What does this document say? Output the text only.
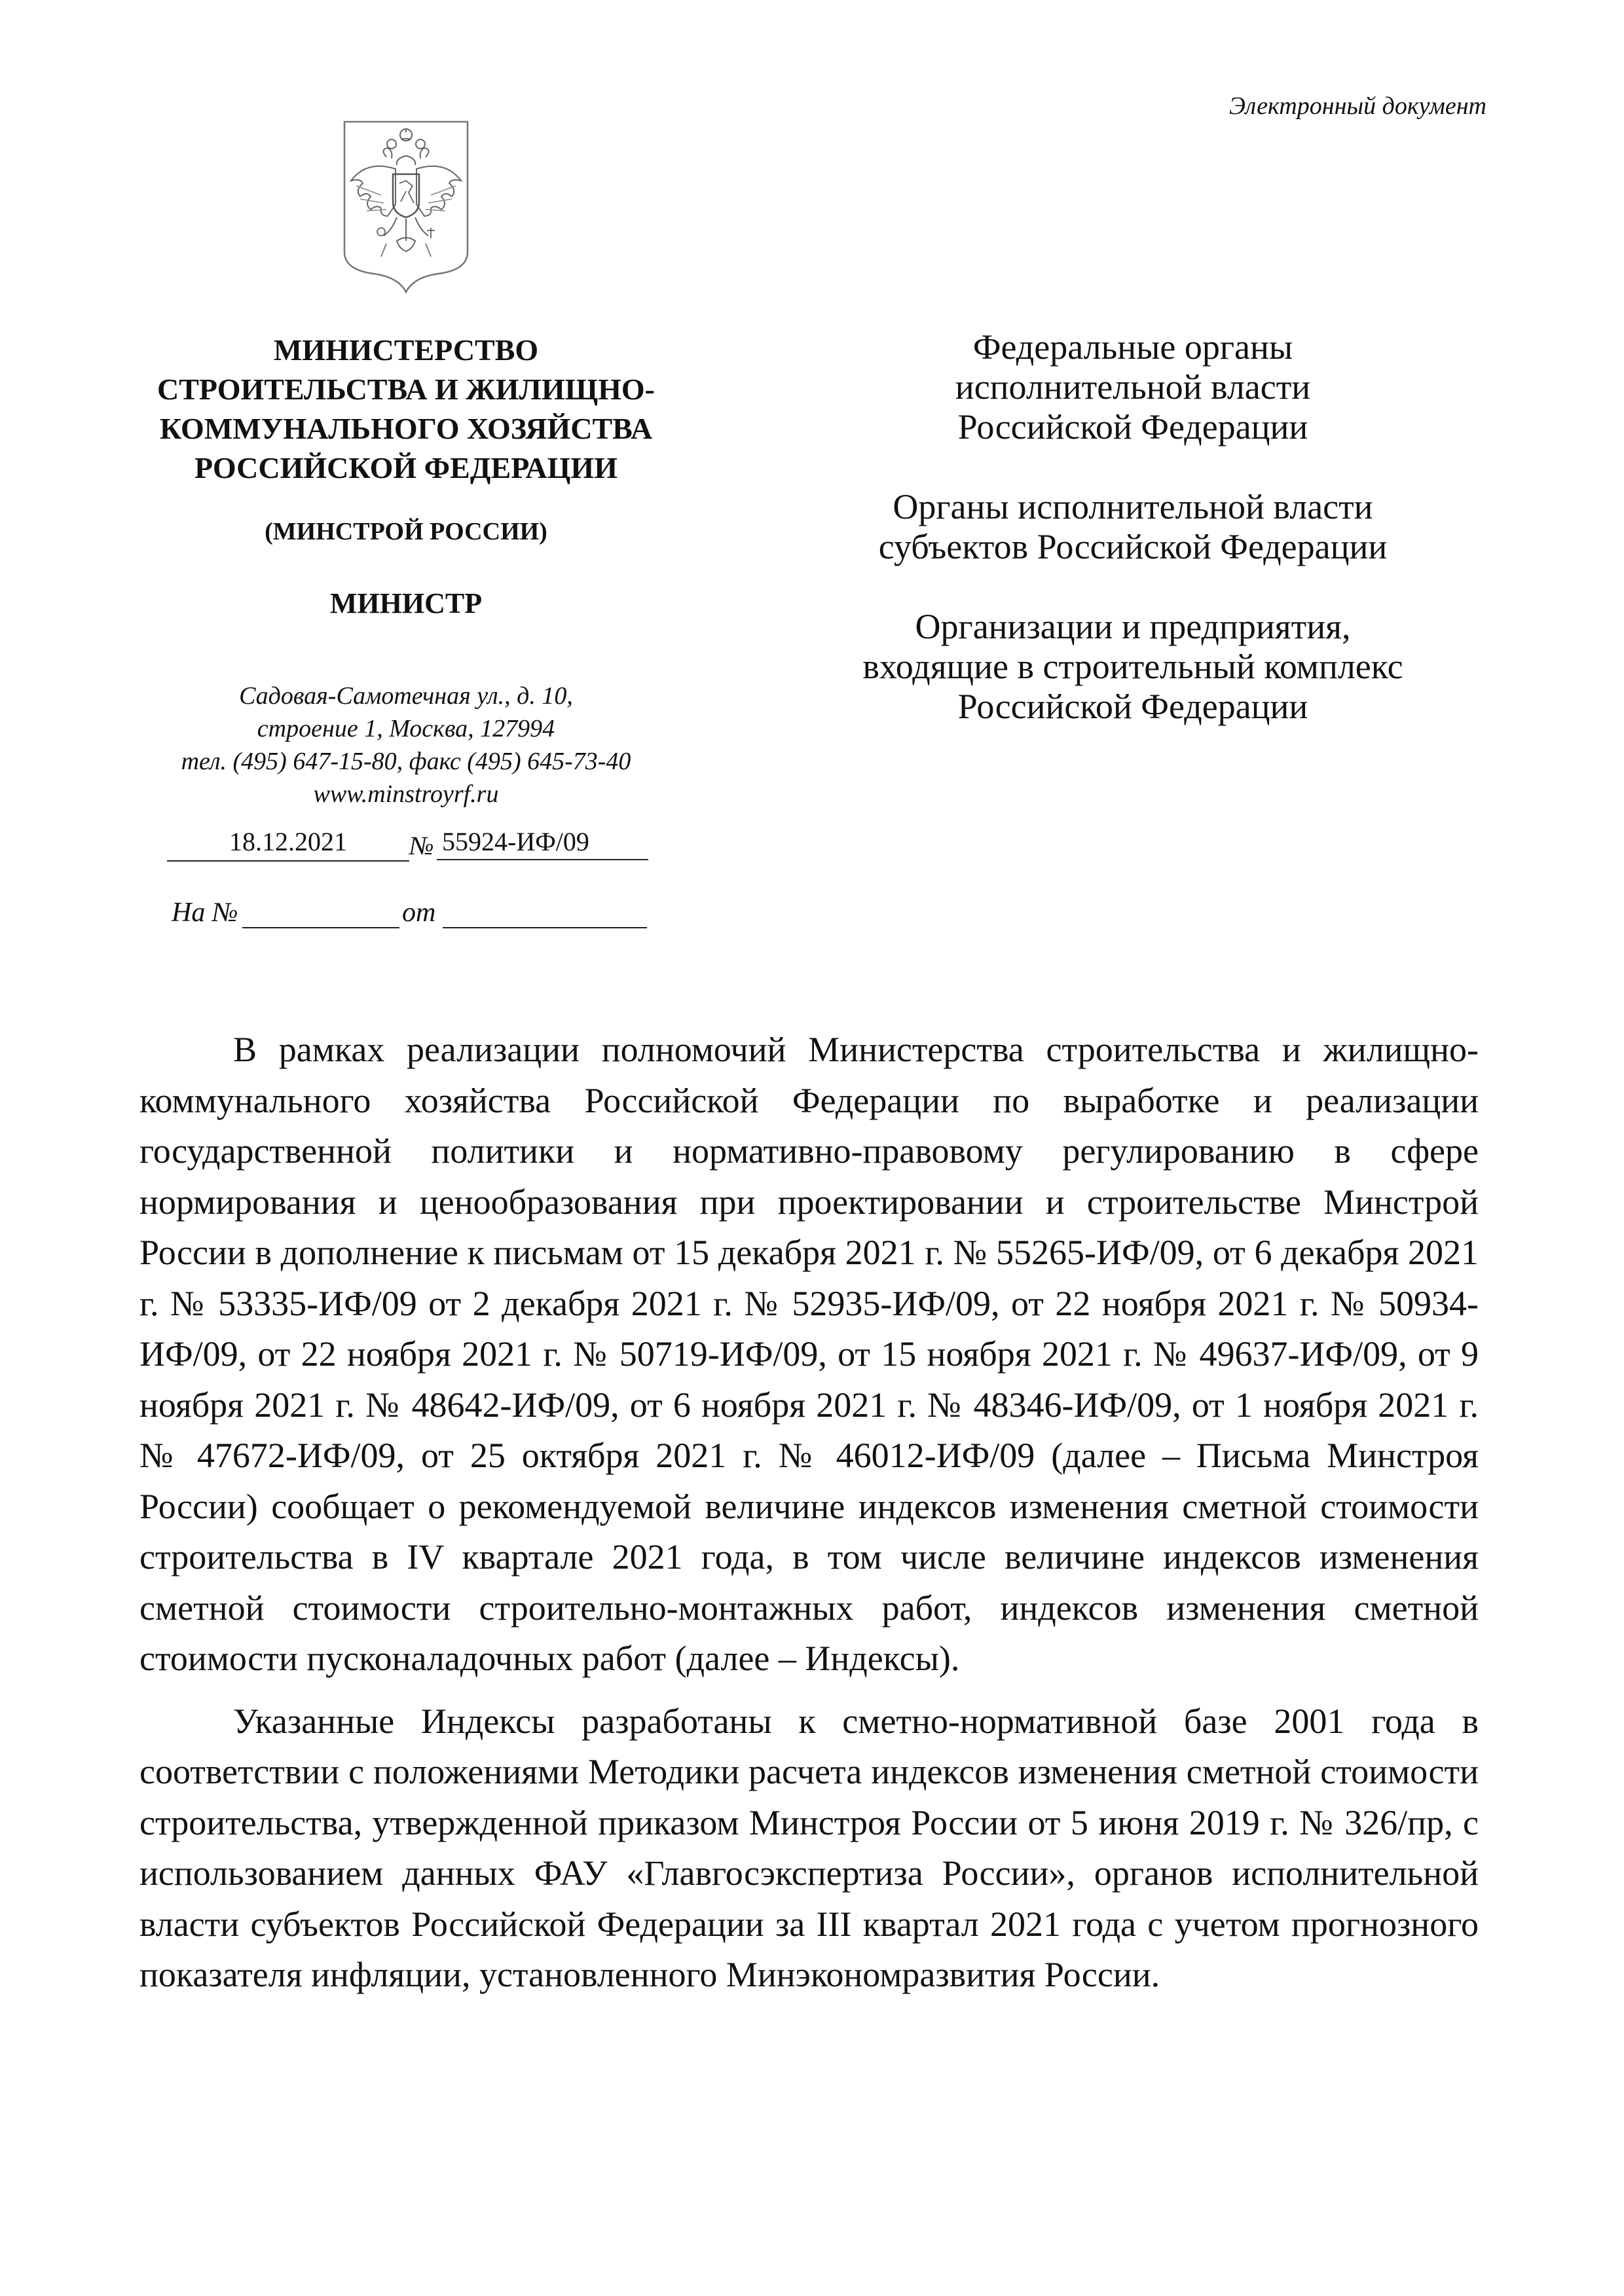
Электронный документ
МИНИСТЕРСТВО
СТРОИТЕЛЬСТВА И ЖИЛИЩНО-
КОММУНАЛЬНОГО ХОЗЯЙСТВА
РОССИЙСКОЙ ФЕДЕРАЦИИ
(МИНСТРОЙ РОССИИ)
МИНИСТР
Садовая-Самотечная ул., д. 10,
строение 1, Москва, 127994
тел. (495) 647-15-80, факс (495) 645-73-40
www.minstroyrf.ru
18.12.2021	№ 55924-ИФ/09
На №	от
Федеральные органы
исполнительной власти
Российской Федерации
Органы исполнительной власти
субъектов Российской Федерации
Организации и предприятия,
входящие в строительный комплекс
Российской Федерации

В рамках реализации полномочий Министерства строительства и жилищно-коммунального хозяйства Российской Федерации по выработке и реализации государственной политики и нормативно-правовому регулированию в сфере нормирования и ценообразования при проектировании и строительстве Минстрой России в дополнение к письмам от 15 декабря 2021 г. № 55265-ИФ/09, от 6 декабря 2021 г. № 53335-ИФ/09 от 2 декабря 2021 г. № 52935-ИФ/09, от 22 ноября 2021 г. № 50934-ИФ/09, от 22 ноября 2021 г. № 50719-ИФ/09, от 15 ноября 2021 г. № 49637-ИФ/09, от 9 ноября 2021 г. № 48642-ИФ/09, от 6 ноября 2021 г. № 48346-ИФ/09, от 1 ноября 2021 г. № 47672-ИФ/09, от 25 октября 2021 г. № 46012-ИФ/09 (далее – Письма Минстроя России) сообщает о рекомендуемой величине индексов изменения сметной стоимости строительства в IV квартале 2021 года, в том числе величине индексов изменения сметной стоимости строительно-монтажных работ, индексов изменения сметной стоимости пусконаладочных работ (далее – Индексы).

Указанные Индексы разработаны к сметно-нормативной базе 2001 года в соответствии с положениями Методики расчета индексов изменения сметной стоимости строительства, утвержденной приказом Минстроя России от 5 июня 2019 г. № 326/пр, с использованием данных ФАУ «Главгосэкспертиза России», органов исполнительной власти субъектов Российской Федерации за III квартал 2021 года с учетом прогнозного показателя инфляции, установленного Минэкономразвития России.
